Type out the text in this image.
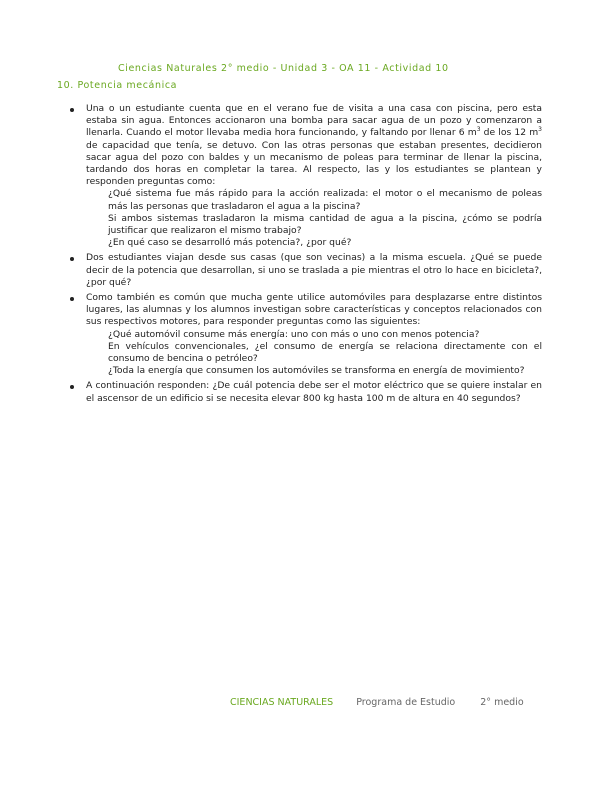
Ciencias Naturales 2° medio - Unidad 3 - OA 11 - Actividad 10
10. Potencia mecánica
Una o un estudiante cuenta que en el verano fue de visita a una casa con piscina, pero esta estaba sin agua. Entonces accionaron una bomba para sacar agua de un pozo y comenzaron a llenarla. Cuando el motor llevaba media hora funcionando, y faltando por llenar 6 $m^3$ de los 12 $m^3$ de capacidad que tenía, se detuvo. Con las otras personas que estaban presentes, decidieron sacar agua del pozo con baldes y un mecanismo de poleas para terminar de llenar la piscina, tardando dos horas en completar la tarea. Al respecto, las y los estudiantes se plantean y responden preguntas como:
¿Qué sistema fue más rápido para la acción realizada: el motor o el mecanismo de poleas más las personas que trasladaron el agua a la piscina?
Si ambos sistemas trasladaron la misma cantidad de agua a la piscina, ¿cómo se podría justificar que realizaron el mismo trabajo?
¿En qué caso se desarrolló más potencia?, ¿por qué?
Dos estudiantes viajan desde sus casas (que son vecinas) a la misma escuela. ¿Qué se puede decir de la potencia que desarrollan, si uno se traslada a pie mientras el otro lo hace en bicicleta?, ¿por qué?
Como también es común que mucha gente utilice automóviles para desplazarse entre distintos lugares, las alumnas y los alumnos investigan sobre características y conceptos relacionados con sus respectivos motores, para responder preguntas como las siguientes:
¿Qué automóvil consume más energía: uno con más o uno con menos potencia?
En vehículos convencionales, ¿el consumo de energía se relaciona directamente con el consumo de bencina o petróleo?
¿Toda la energía que consumen los automóviles se transforma en energía de movimiento?
A continuación responden: ¿De cuál potencia debe ser el motor eléctrico que se quiere instalar en el ascensor de un edificio si se necesita elevar 800 kg hasta 100 m de altura en 40 segundos?
CIENCIAS NATURALES Programa de Estudio	2° medio
